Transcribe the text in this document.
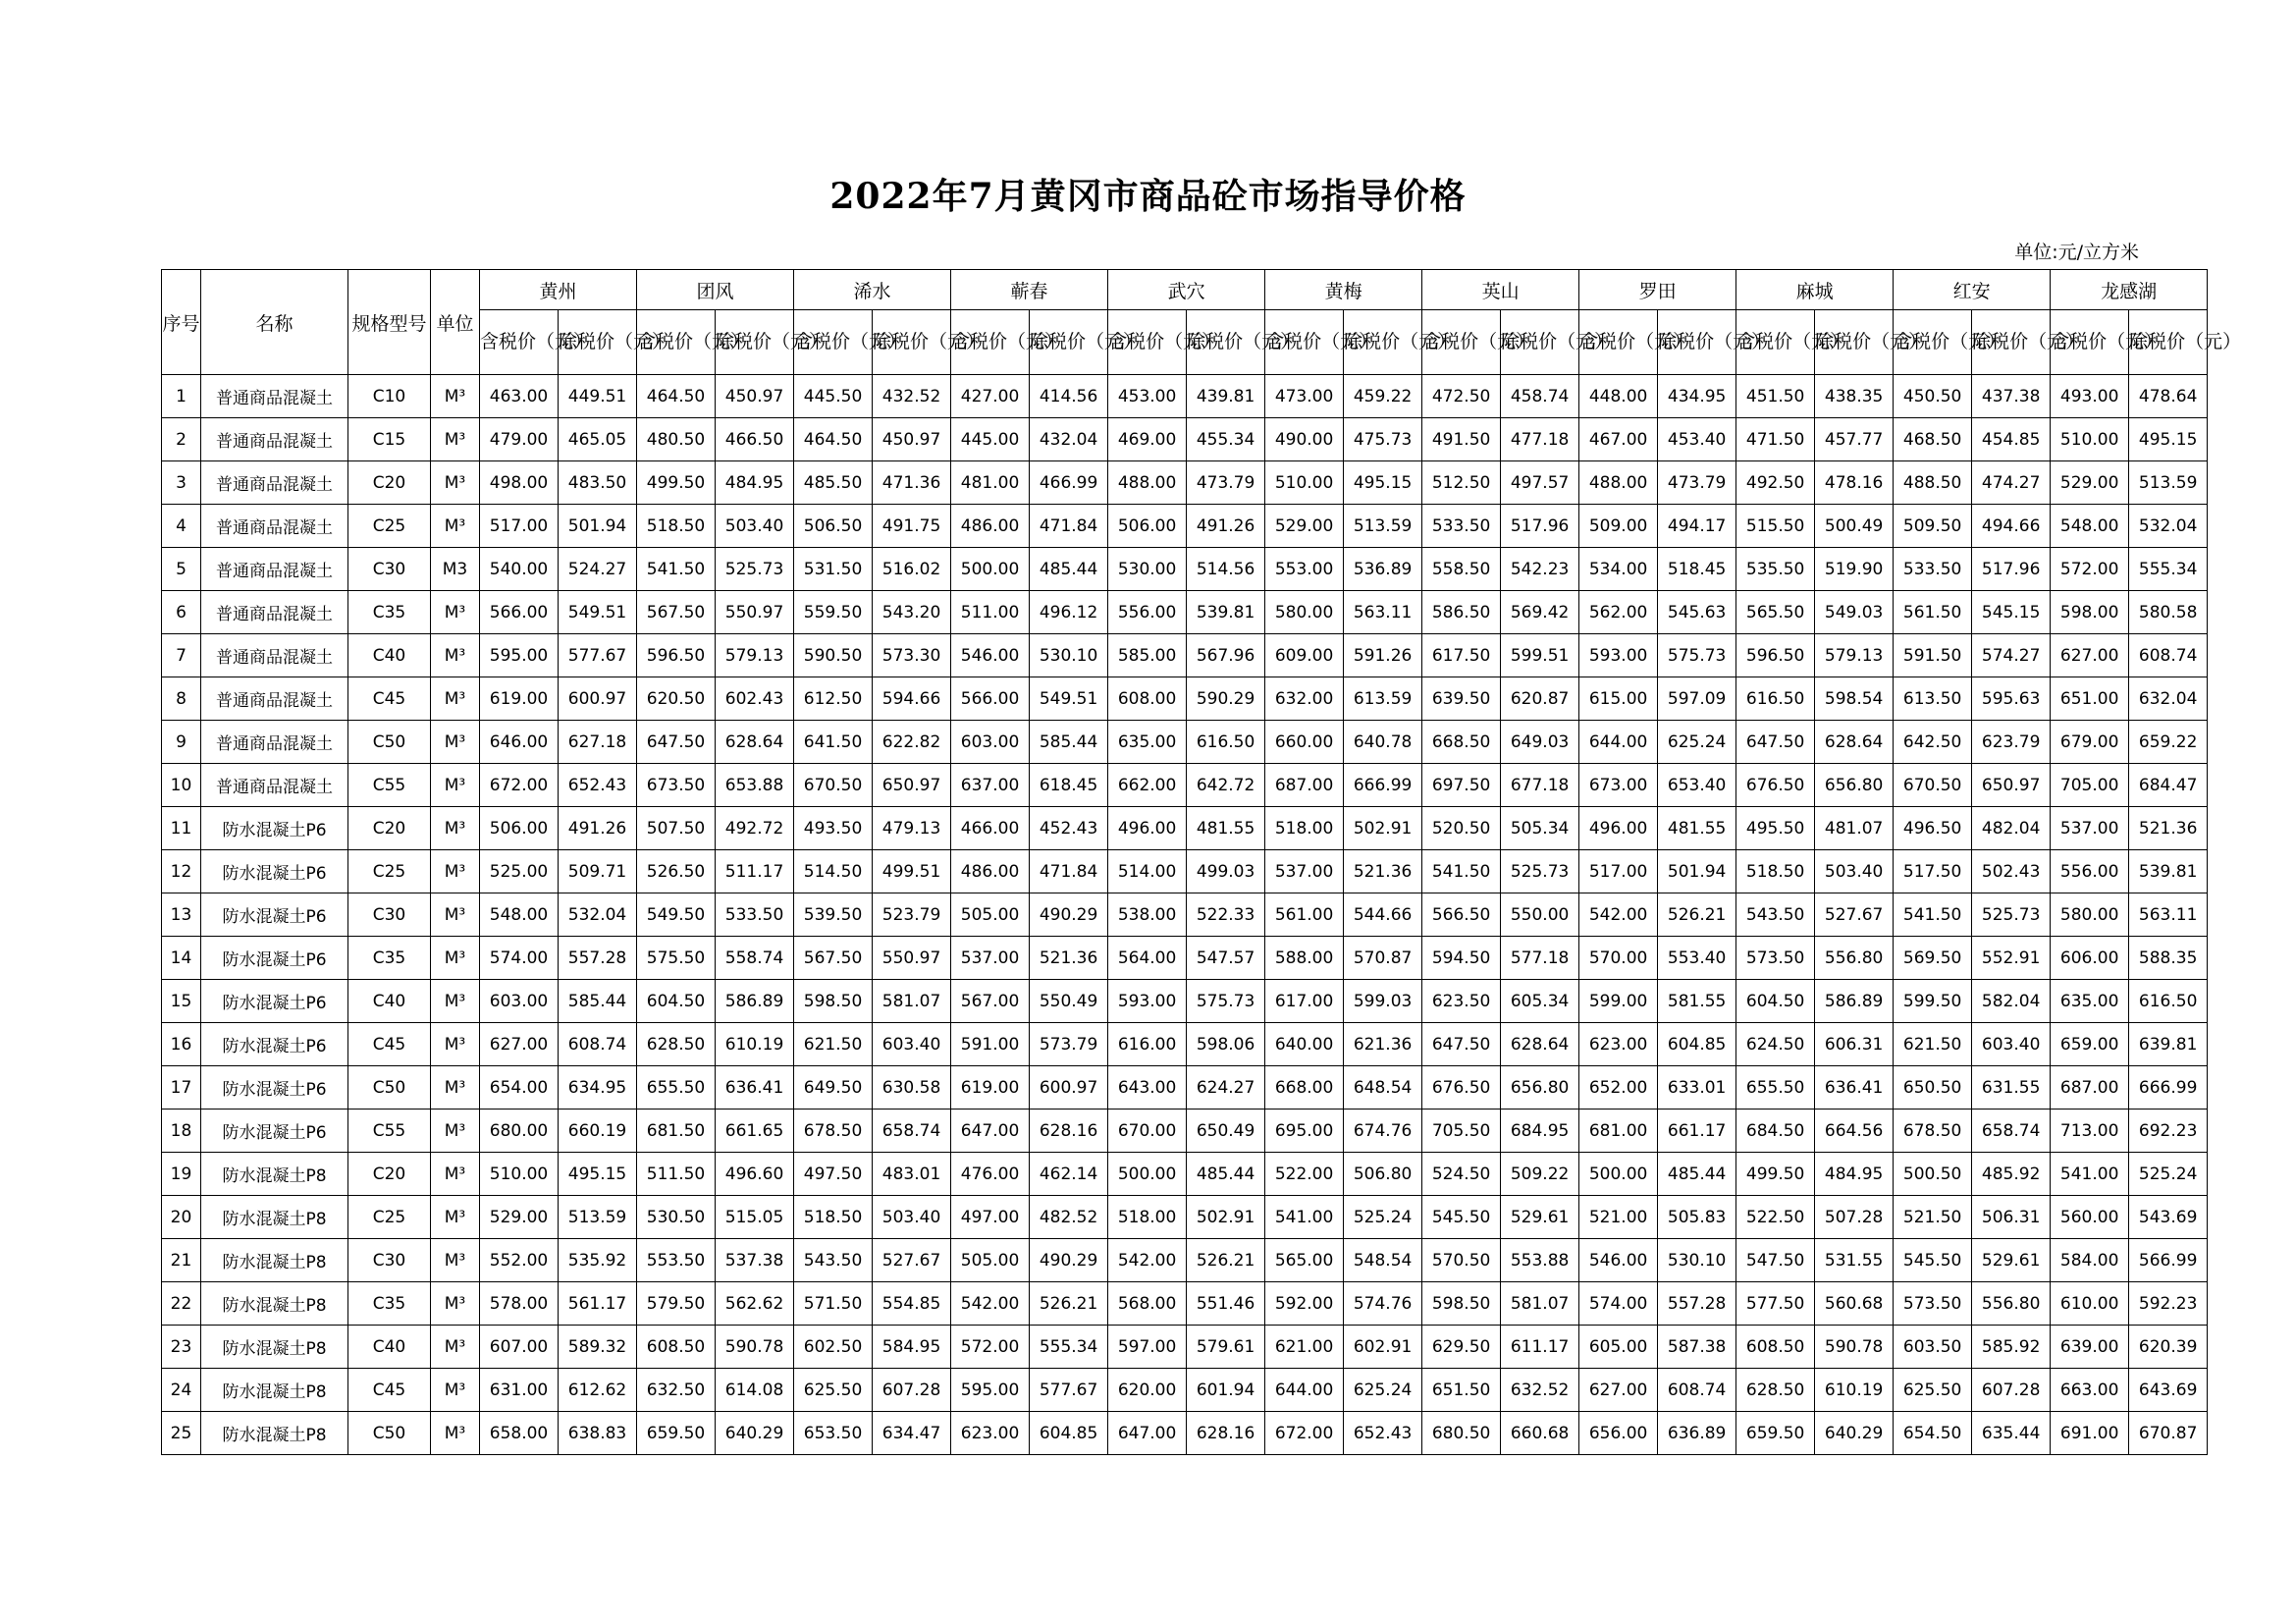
2022年7月黄冈市商品砼市场指导价格
单位:元/立方米
序号	名称	规格型号	单位	黄州		团风		浠水		蕲春		武穴		黄梅		英山		罗田		麻城		红安		龙感湖	
				含税价（元）	除税价（元）	含税价（元）	除税价（元）	含税价（元）	除税价（元）	含税价（元）	除税价（元）	含税价（元）	除税价（元）	含税价（元）	除税价（元）	含税价（元）	除税价（元）	含税价（元）	除税价（元）	含税价（元）	除税价（元）	含税价（元）	除税价（元）	含税价（元）	除税价（元）
1	普通商品混凝土	C10	M³	463.00	449.51	464.50	450.97	445.50	432.52	427.00	414.56	453.00	439.81	473.00	459.22	472.50	458.74	448.00	434.95	451.50	438.35	450.50	437.38	493.00	478.64
2	普通商品混凝土	C15	M³	479.00	465.05	480.50	466.50	464.50	450.97	445.00	432.04	469.00	455.34	490.00	475.73	491.50	477.18	467.00	453.40	471.50	457.77	468.50	454.85	510.00	495.15
3	普通商品混凝土	C20	M³	498.00	483.50	499.50	484.95	485.50	471.36	481.00	466.99	488.00	473.79	510.00	495.15	512.50	497.57	488.00	473.79	492.50	478.16	488.50	474.27	529.00	513.59
4	普通商品混凝土	C25	M³	517.00	501.94	518.50	503.40	506.50	491.75	486.00	471.84	506.00	491.26	529.00	513.59	533.50	517.96	509.00	494.17	515.50	500.49	509.50	494.66	548.00	532.04
5	普通商品混凝土	C30	M3	540.00	524.27	541.50	525.73	531.50	516.02	500.00	485.44	530.00	514.56	553.00	536.89	558.50	542.23	534.00	518.45	535.50	519.90	533.50	517.96	572.00	555.34
6	普通商品混凝土	C35	M³	566.00	549.51	567.50	550.97	559.50	543.20	511.00	496.12	556.00	539.81	580.00	563.11	586.50	569.42	562.00	545.63	565.50	549.03	561.50	545.15	598.00	580.58
7	普通商品混凝土	C40	M³	595.00	577.67	596.50	579.13	590.50	573.30	546.00	530.10	585.00	567.96	609.00	591.26	617.50	599.51	593.00	575.73	596.50	579.13	591.50	574.27	627.00	608.74
8	普通商品混凝土	C45	M³	619.00	600.97	620.50	602.43	612.50	594.66	566.00	549.51	608.00	590.29	632.00	613.59	639.50	620.87	615.00	597.09	616.50	598.54	613.50	595.63	651.00	632.04
9	普通商品混凝土	C50	M³	646.00	627.18	647.50	628.64	641.50	622.82	603.00	585.44	635.00	616.50	660.00	640.78	668.50	649.03	644.00	625.24	647.50	628.64	642.50	623.79	679.00	659.22
10	普通商品混凝土	C55	M³	672.00	652.43	673.50	653.88	670.50	650.97	637.00	618.45	662.00	642.72	687.00	666.99	697.50	677.18	673.00	653.40	676.50	656.80	670.50	650.97	705.00	684.47
11	防水混凝土P6	C20	M³	506.00	491.26	507.50	492.72	493.50	479.13	466.00	452.43	496.00	481.55	518.00	502.91	520.50	505.34	496.00	481.55	495.50	481.07	496.50	482.04	537.00	521.36
12	防水混凝土P6	C25	M³	525.00	509.71	526.50	511.17	514.50	499.51	486.00	471.84	514.00	499.03	537.00	521.36	541.50	525.73	517.00	501.94	518.50	503.40	517.50	502.43	556.00	539.81
13	防水混凝土P6	C30	M³	548.00	532.04	549.50	533.50	539.50	523.79	505.00	490.29	538.00	522.33	561.00	544.66	566.50	550.00	542.00	526.21	543.50	527.67	541.50	525.73	580.00	563.11
14	防水混凝土P6	C35	M³	574.00	557.28	575.50	558.74	567.50	550.97	537.00	521.36	564.00	547.57	588.00	570.87	594.50	577.18	570.00	553.40	573.50	556.80	569.50	552.91	606.00	588.35
15	防水混凝土P6	C40	M³	603.00	585.44	604.50	586.89	598.50	581.07	567.00	550.49	593.00	575.73	617.00	599.03	623.50	605.34	599.00	581.55	604.50	586.89	599.50	582.04	635.00	616.50
16	防水混凝土P6	C45	M³	627.00	608.74	628.50	610.19	621.50	603.40	591.00	573.79	616.00	598.06	640.00	621.36	647.50	628.64	623.00	604.85	624.50	606.31	621.50	603.40	659.00	639.81
17	防水混凝土P6	C50	M³	654.00	634.95	655.50	636.41	649.50	630.58	619.00	600.97	643.00	624.27	668.00	648.54	676.50	656.80	652.00	633.01	655.50	636.41	650.50	631.55	687.00	666.99
18	防水混凝土P6	C55	M³	680.00	660.19	681.50	661.65	678.50	658.74	647.00	628.16	670.00	650.49	695.00	674.76	705.50	684.95	681.00	661.17	684.50	664.56	678.50	658.74	713.00	692.23
19	防水混凝土P8	C20	M³	510.00	495.15	511.50	496.60	497.50	483.01	476.00	462.14	500.00	485.44	522.00	506.80	524.50	509.22	500.00	485.44	499.50	484.95	500.50	485.92	541.00	525.24
20	防水混凝土P8	C25	M³	529.00	513.59	530.50	515.05	518.50	503.40	497.00	482.52	518.00	502.91	541.00	525.24	545.50	529.61	521.00	505.83	522.50	507.28	521.50	506.31	560.00	543.69
21	防水混凝土P8	C30	M³	552.00	535.92	553.50	537.38	543.50	527.67	505.00	490.29	542.00	526.21	565.00	548.54	570.50	553.88	546.00	530.10	547.50	531.55	545.50	529.61	584.00	566.99
22	防水混凝土P8	C35	M³	578.00	561.17	579.50	562.62	571.50	554.85	542.00	526.21	568.00	551.46	592.00	574.76	598.50	581.07	574.00	557.28	577.50	560.68	573.50	556.80	610.00	592.23
23	防水混凝土P8	C40	M³	607.00	589.32	608.50	590.78	602.50	584.95	572.00	555.34	597.00	579.61	621.00	602.91	629.50	611.17	605.00	587.38	608.50	590.78	603.50	585.92	639.00	620.39
24	防水混凝土P8	C45	M³	631.00	612.62	632.50	614.08	625.50	607.28	595.00	577.67	620.00	601.94	644.00	625.24	651.50	632.52	627.00	608.74	628.50	610.19	625.50	607.28	663.00	643.69
25	防水混凝土P8	C50	M³	658.00	638.83	659.50	640.29	653.50	634.47	623.00	604.85	647.00	628.16	672.00	652.43	680.50	660.68	656.00	636.89	659.50	640.29	654.50	635.44	691.00	670.87
